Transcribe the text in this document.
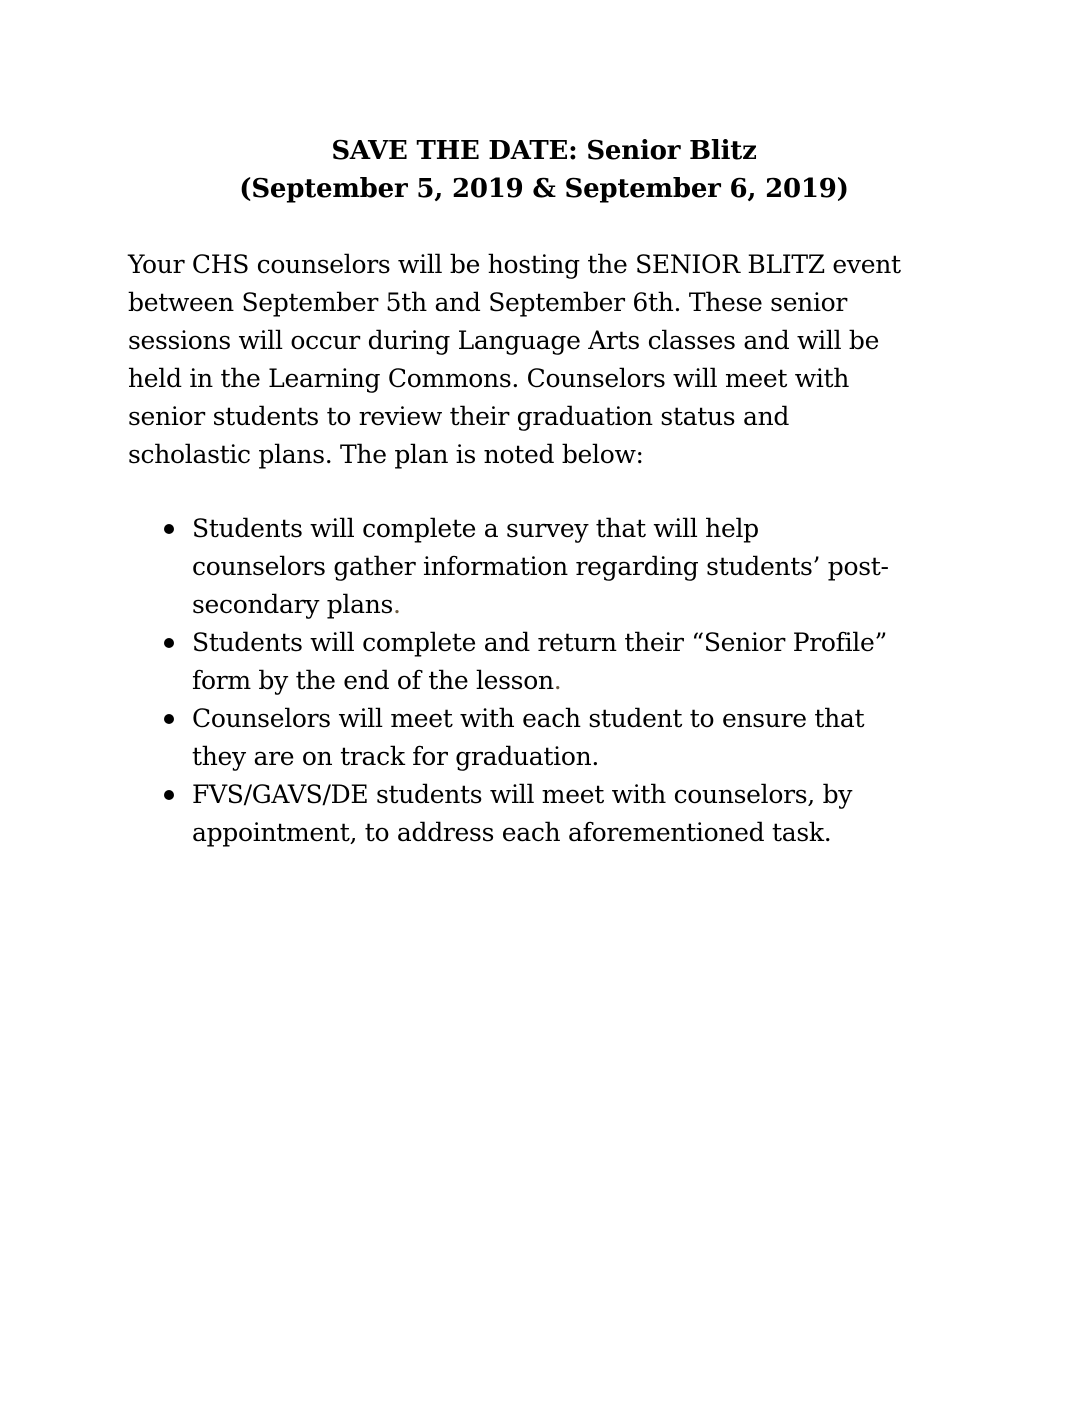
SAVE THE DATE: Senior Blitz
(September 5, 2019 & September 6, 2019)
Your CHS counselors will be hosting the SENIOR BLITZ event
between September 5th and September 6th. These senior
sessions will occur during Language Arts classes and will be
held in the Learning Commons. Counselors will meet with
senior students to review their graduation status and
scholastic plans. The plan is noted below:
Students will complete a survey that will help
counselors gather information regarding students’ post-
secondary plans.
Students will complete and return their “Senior Profile”
form by the end of the lesson.
Counselors will meet with each student to ensure that
they are on track for graduation.
FVS/GAVS/DE students will meet with counselors, by
appointment, to address each aforementioned task.
